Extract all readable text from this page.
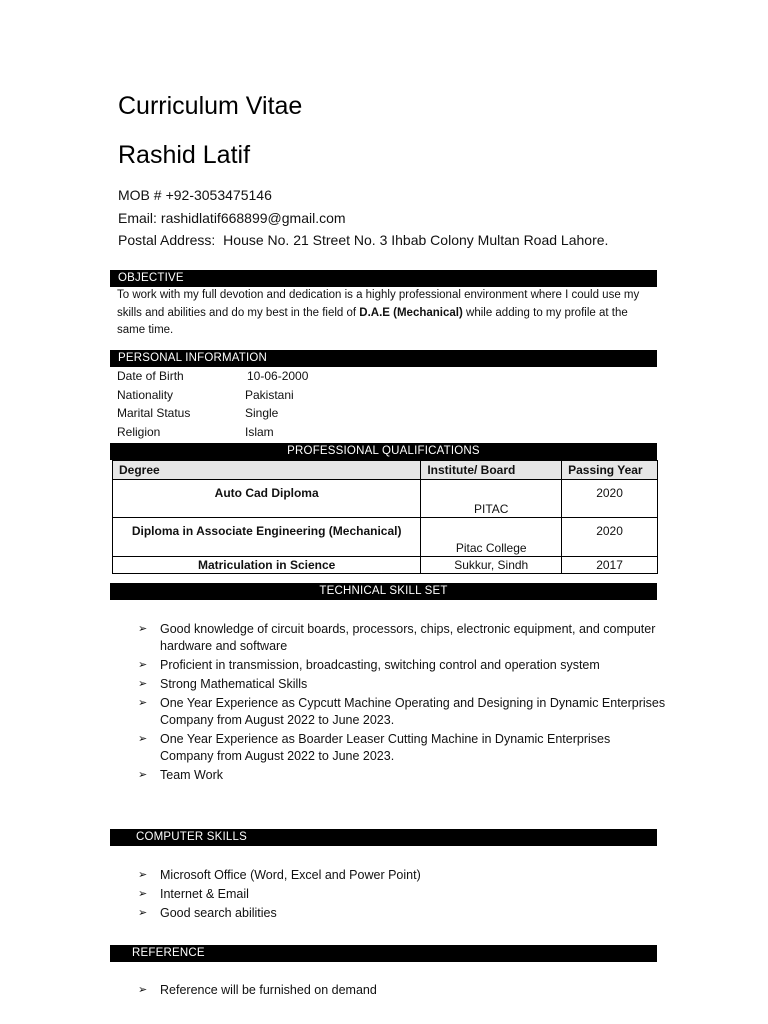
Curriculum Vitae
Rashid Latif
MOB # +92-3053475146
Email: rashidlatif668899@gmail.com
Postal Address: House No. 21 Street No. 3 Ihbab Colony Multan Road Lahore.
OBJECTIVE
To work with my full devotion and dedication is a highly professional environment where I could use my skills and abilities and do my best in the field of D.A.E (Mechanical) while adding to my profile at the same time.
PERSONAL INFORMATION
Date of Birth	10-06-2000
Nationality	Pakistani
Marital Status	Single
Religion	Islam
PROFESSIONAL QUALIFICATIONS
Degree	Institute/ Board	Passing Year
Auto Cad Diploma	PITAC	2020
Diploma in Associate Engineering (Mechanical)	Pitac College	2020
Matriculation in Science	Sukkur, Sindh	2017
TECHNICAL SKILL SET
➢ Good knowledge of circuit boards, processors, chips, electronic equipment, and computer hardware and software
➢ Proficient in transmission, broadcasting, switching control and operation system
➢ Strong Mathematical Skills
➢ One Year Experience as Cypcutt Machine Operating and Designing in Dynamic Enterprises Company from August 2022 to June 2023.
➢ One Year Experience as Boarder Leaser Cutting Machine in Dynamic Enterprises Company from August 2022 to June 2023.
➢ Team Work
COMPUTER SKILLS
➢ Microsoft Office (Word, Excel and Power Point)
➢ Internet & Email
➢ Good search abilities
REFERENCE
➢ Reference will be furnished on demand
